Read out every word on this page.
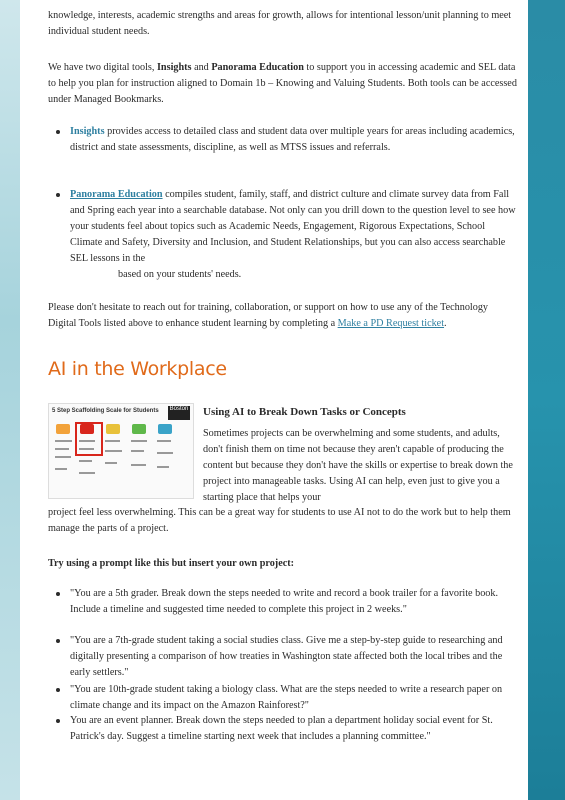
knowledge, interests, academic strengths and areas for growth, allows for intentional lesson/unit planning to meet individual student needs.

We have two digital tools, Insights and Panorama Education to support you in accessing academic and SEL data to help you plan for instruction aligned to Domain 1b – Knowing and Valuing Students. Both tools can be accessed under Managed Bookmarks.

Insights provides access to detailed class and student data over multiple years for areas including academics, district and state assessments, discipline, as well as MTSS issues and referrals.
Panorama Education compiles student, family, staff, and district culture and climate survey data from Fall and Spring each year into a searchable database. Not only can you drill down to the question level to see how your students feel about topics such as Academic Needs, Engagement, Rigorous Expectations, School Climate and Safety, Diversity and Inclusion, and Student Relationships, but you can also access searchable SEL lessons in the
based on your students' needs.

Please don't hesitate to reach out for training, collaboration, or support on how to use any of the Technology Digital Tools listed above to enhance student learning by completing a Make a PD Request ticket.

AI in the Workplace
5 Step Scaffolding Scale for Students Boston Using AI to Break Down Tasks or Concepts

Sometimes projects can be overwhelming and some students, and adults, don't finish them on time not because they aren't capable of producing the content but because they don't have the skills or expertise to break down the project into manageable tasks. Using AI can help, even just to give you a starting place that helps your

project feel less overwhelming. This can be a great way for students to use AI not to do the work but to help them manage the parts of a project.

Try using a prompt like this but insert your own project:

"You are a 5th grader. Break down the steps needed to write and record a book trailer for a favorite book. Include a timeline and suggested time needed to complete this project in 2 weeks."
"You are a 7th-grade student taking a social studies class. Give me a step-by-step guide to researching and digitally presenting a comparison of how treaties in Washington state affected both the local tribes and the early settlers."
"You are 10th-grade student taking a biology class. What are the steps needed to write a research paper on climate change and its impact on the Amazon Rainforest?"
You are an event planner. Break down the steps needed to plan a department holiday social event for St. Patrick's day. Suggest a timeline starting next week that includes a planning committee."
